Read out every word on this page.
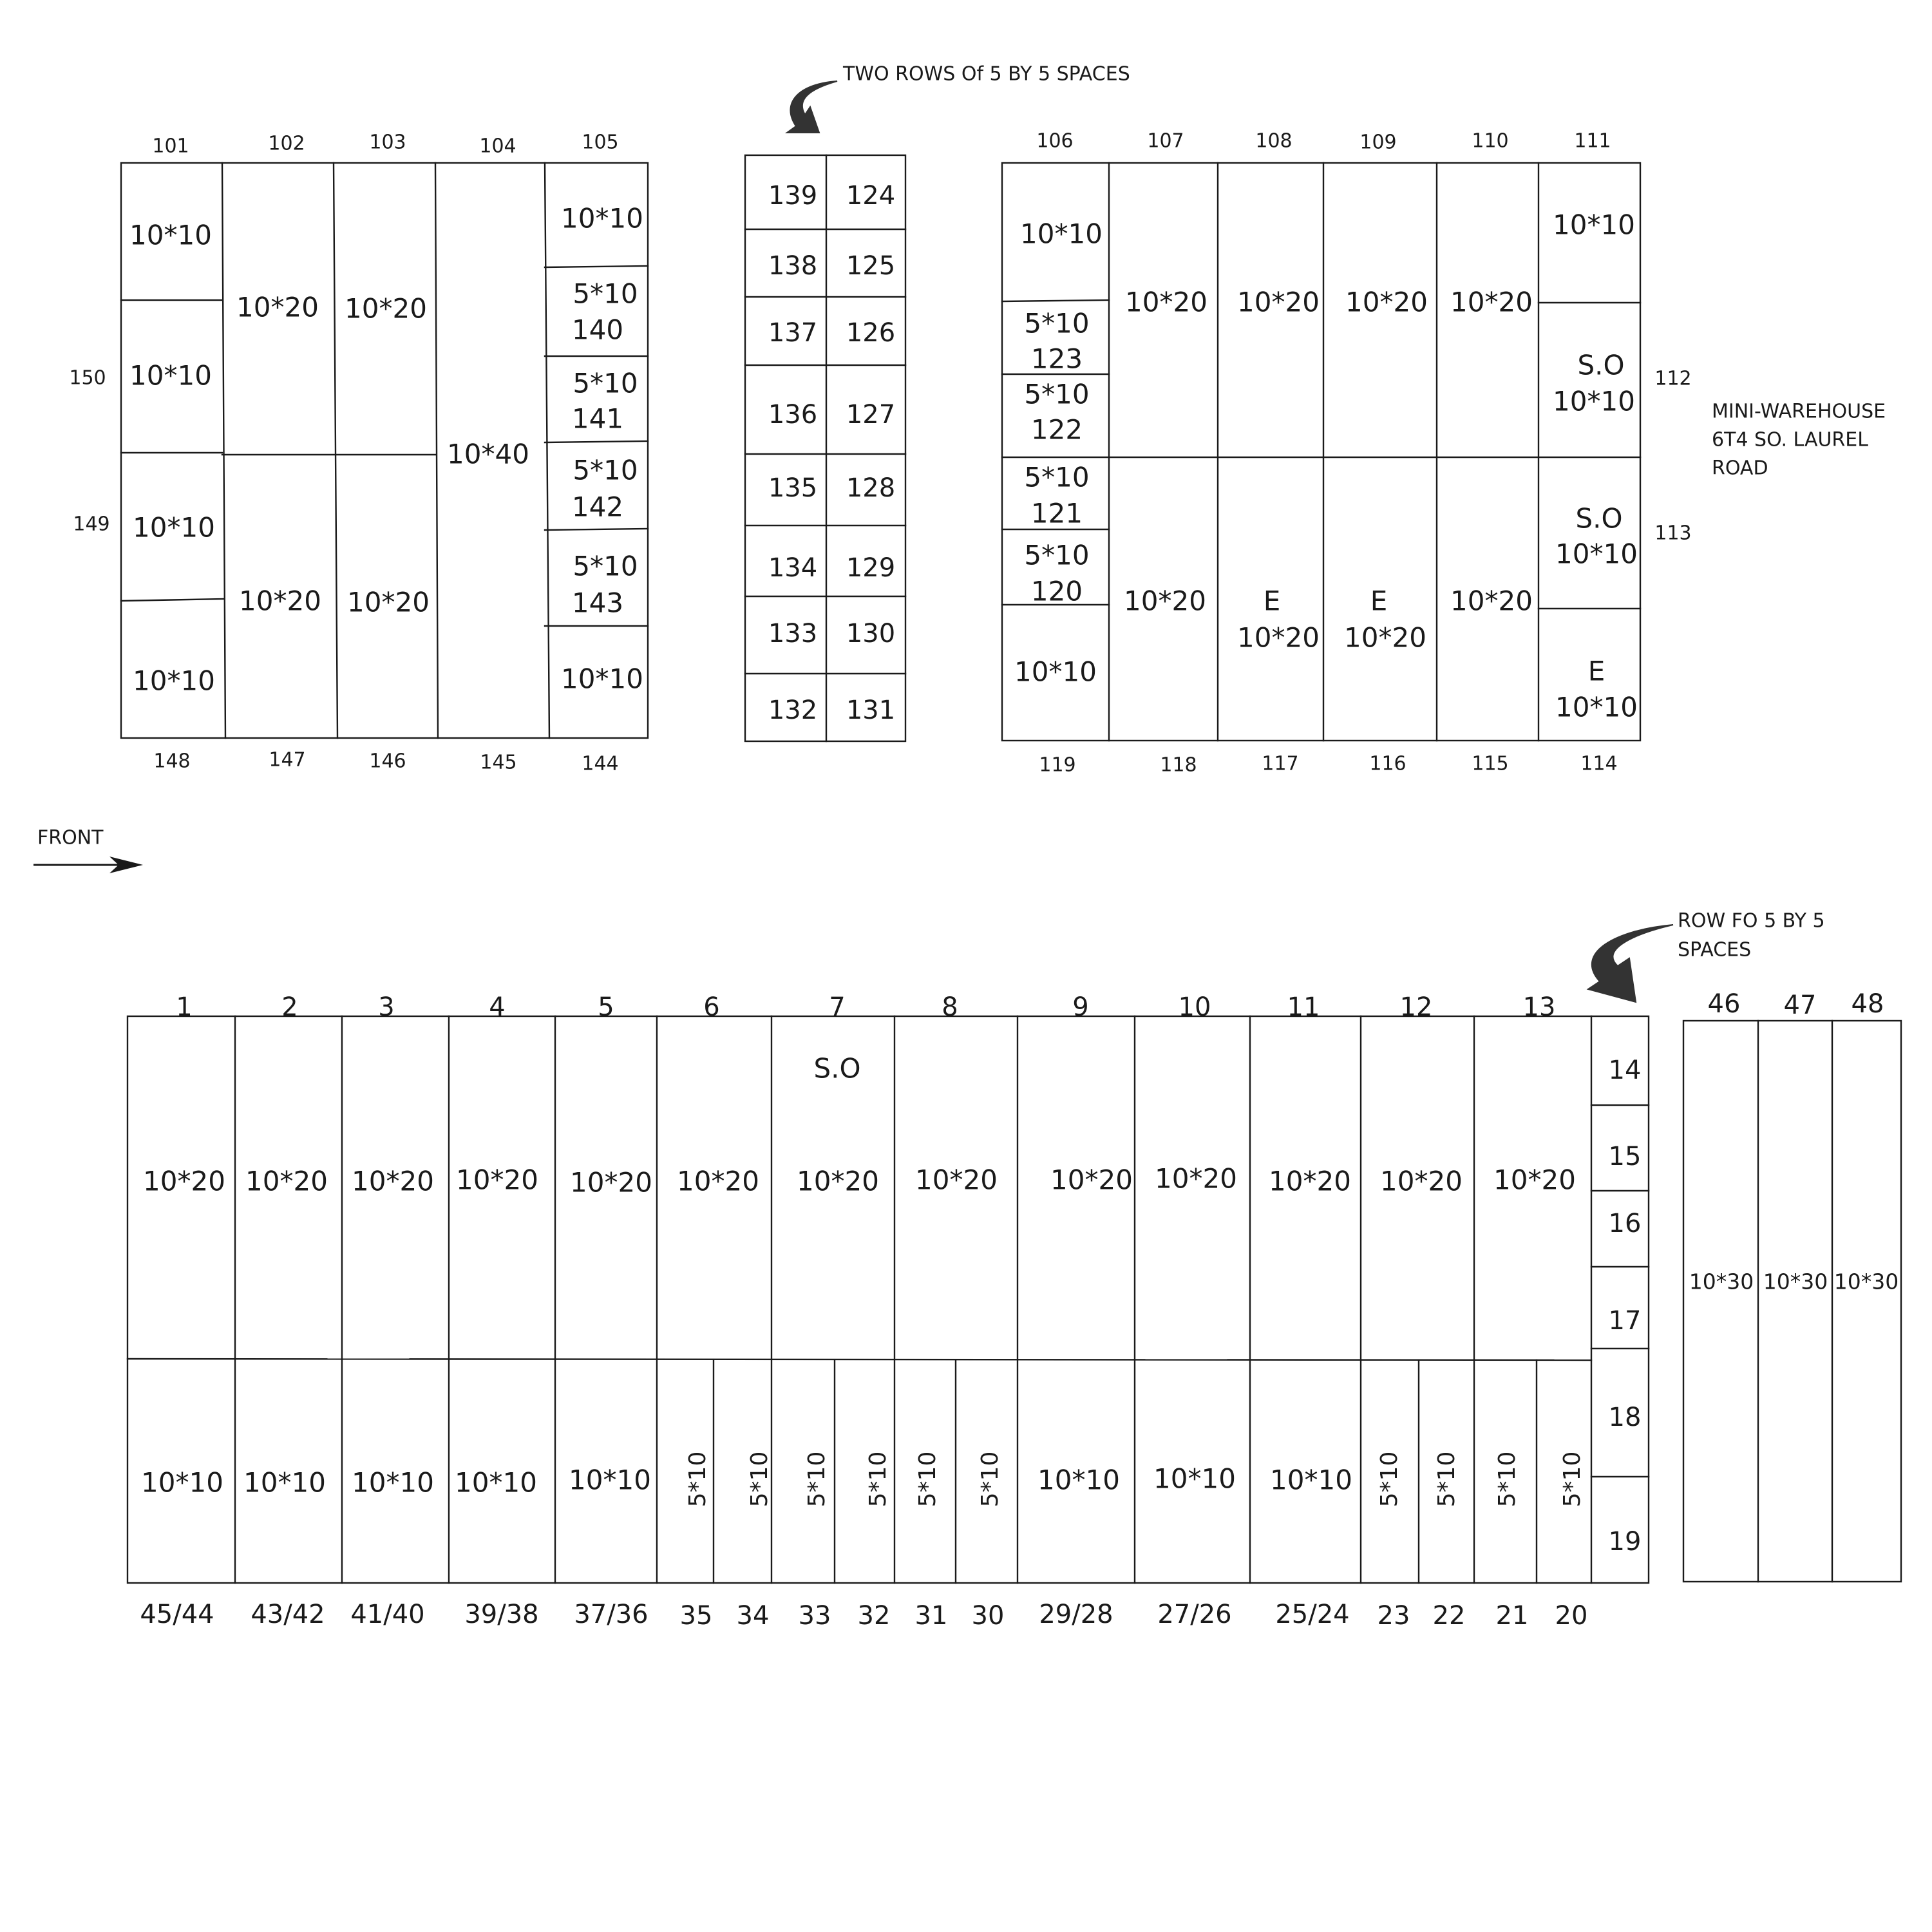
TWO ROWS Of 5 BY 5 SPACES
ROW FO 5 BY 5
SPACES
FRONT
MINI-WAREHOUSE
6T4 SO. LAUREL
ROAD
101	102	103	104	105
148	147	146	145	144
150
149
10*10
10*10
10*10
10*10
10*20 10*20
10*20 10*20
10*40
10*10
10*10
5*10
140
5*10
141
5*10
142
5*10
143
139 124
138 125
137 126
136 127
135 128
134 129
133 130
132 131
106	107	108	109	110	111
119	118	117	116	115	114
112
113
10*10
5*10
123
5*10
122
5*10
121
5*10
120
10*10
10*20 10*20 10*20 10*20
10*20	10*20
E
10*20
E
10*20
10*10
S.O
10*10
S.O
10*10
E
10*10
1	2	3	4	5	6	7	8	9	10	11	12	13
10*20 10*20 10*20 10*20 10*20 10*20 10*20 10*20 10*20 10*20 10*20 10*20 10*20
S.O
10*10 10*10 10*10 10*10 10*10	10*10 10*10 10*10
5*10 5*10 5*10 5*10 5*10 5*10	5*10 5*10 5*10 5*10
45/44 43/42 41/40 39/38 37/36	29/28 27/26 25/24
35 34 33 32 31 30	23 22 21 20
14
15
16
17
18
19
46 47 48
10*30 10*30 10*30
